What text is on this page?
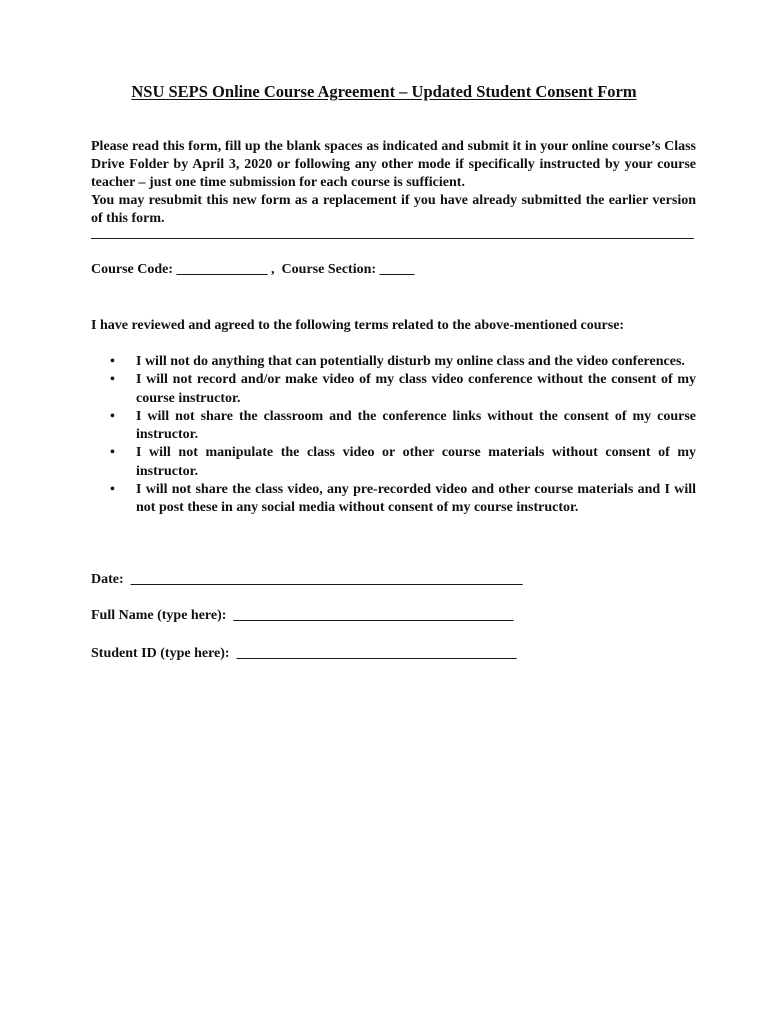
NSU SEPS Online Course Agreement – Updated Student Consent Form

Please read this form, fill up the blank spaces as indicated and submit it in your online course’s Class Drive Folder by April 3, 2020 or following any other mode if specifically instructed by your course teacher – just one time submission for each course is sufficient.

You may resubmit this new form as a replacement if you have already submitted the earlier version of this form.

Course Code: _____________ ,  Course Section: _____
I have reviewed and agreed to the following terms related to the above-mentioned course:
• I will not do anything that can potentially disturb my online class and the video conferences.
• I will not record and/or make video of my class video conference without the consent of my course instructor.
• I will not share the classroom and the conference links without the consent of my course instructor.
• I will not manipulate the class video or other course materials without consent of my instructor.
• I will not share the class video, any pre-recorded video and other course materials and I will not post these in any social media without consent of my course instructor.
Date:  ________________________________________________________
Full Name (type here):  ________________________________________
Student ID (type here):  ________________________________________
